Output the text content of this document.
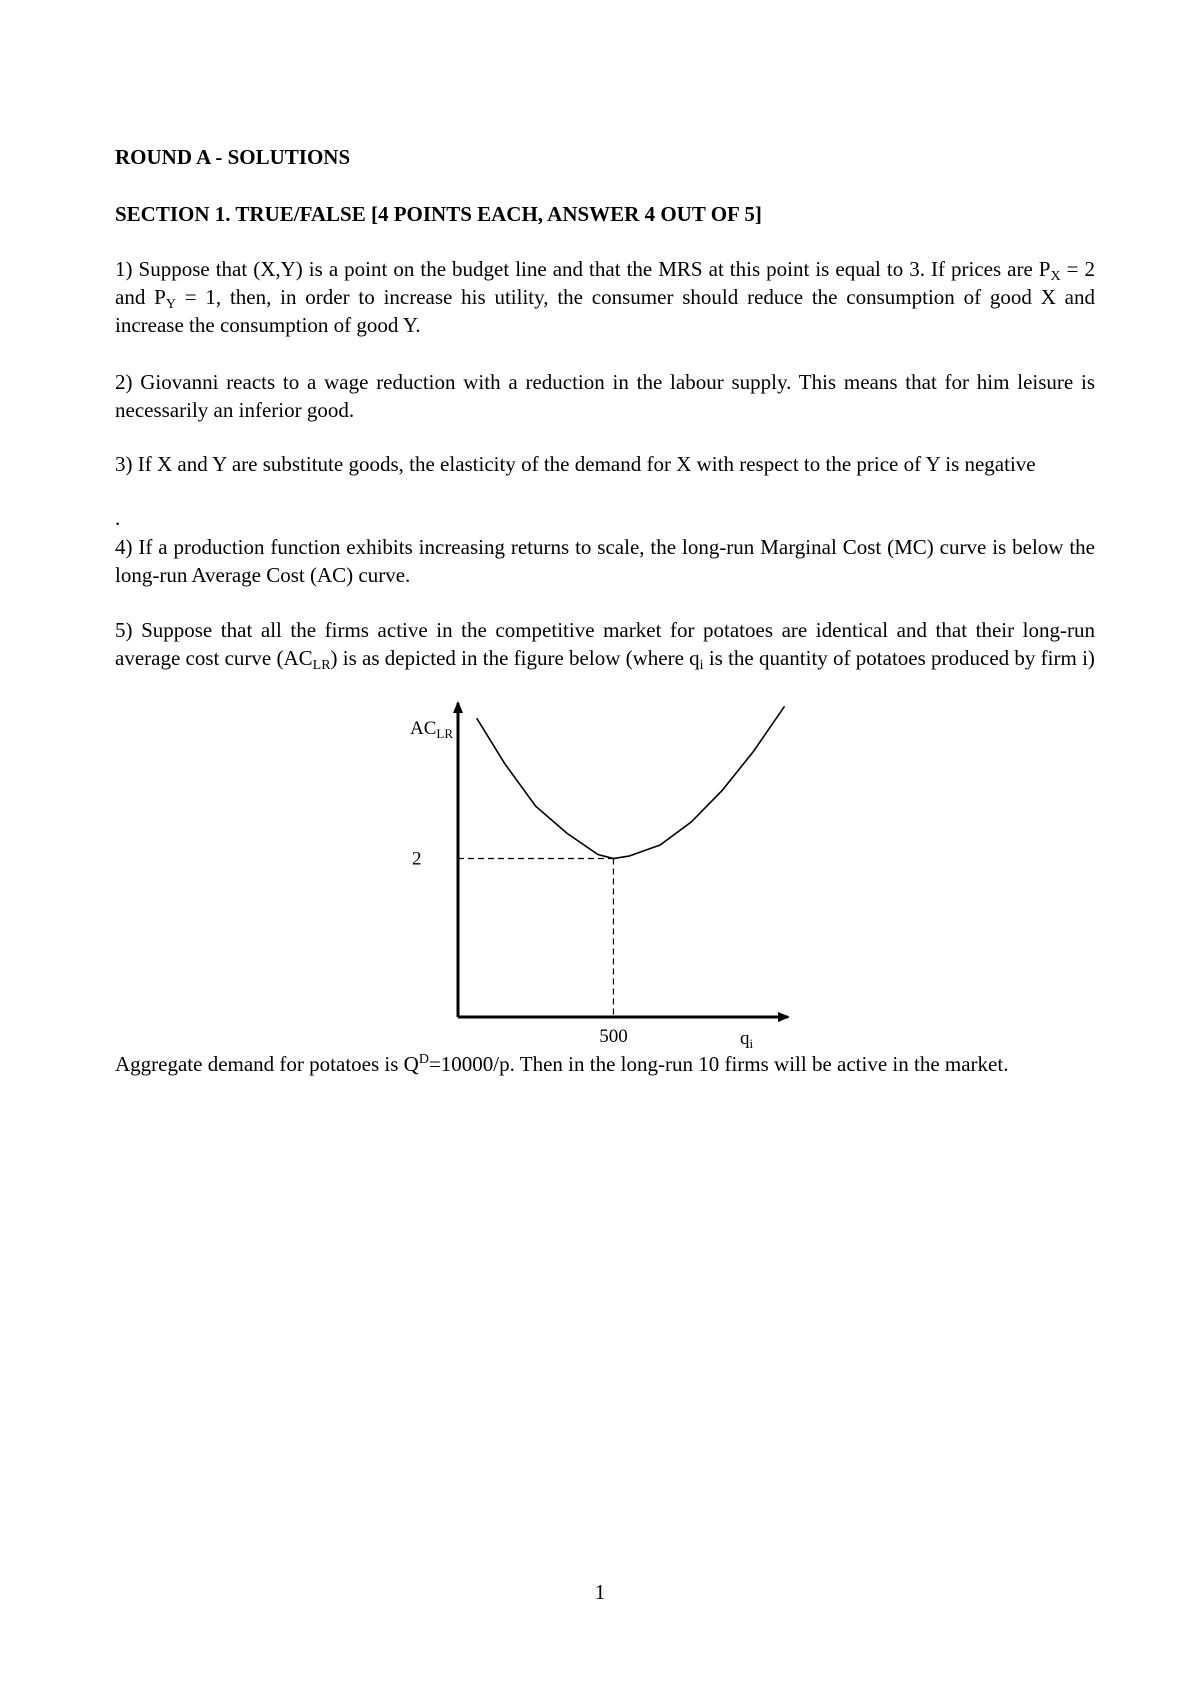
ROUND A - SOLUTIONS
SECTION 1. TRUE/FALSE [4 POINTS EACH, ANSWER 4 OUT OF 5]
1) Suppose that (X,Y) is a point on the budget line and that the MRS at this point is equal to 3. If prices are $P_X = 2$ and $P_Y = 1$, then, in order to increase his utility, the consumer should reduce the consumption of good X and increase the consumption of good Y.
2) Giovanni reacts to a wage reduction with a reduction in the labour supply. This means that for him leisure is necessarily an inferior good.
3) If X and Y are substitute goods, the elasticity of the demand for X with respect to the price of Y is negative
.
4) If a production function exhibits increasing returns to scale, the long-run Marginal Cost (MC) curve is below the long-run Average Cost (AC) curve.
5) Suppose that all the firms active in the competitive market for potatoes are identical and that their long-run average cost curve $(AC_{LR})$ is as depicted in the figure below (where $q_i$ is the quantity of potatoes produced by firm i)
$AC_{LR}$
$q_i$
2
500
Aggregate demand for potatoes is $Q^D=10000/p$. Then in the long-run 10 firms will be active in the market.
1
